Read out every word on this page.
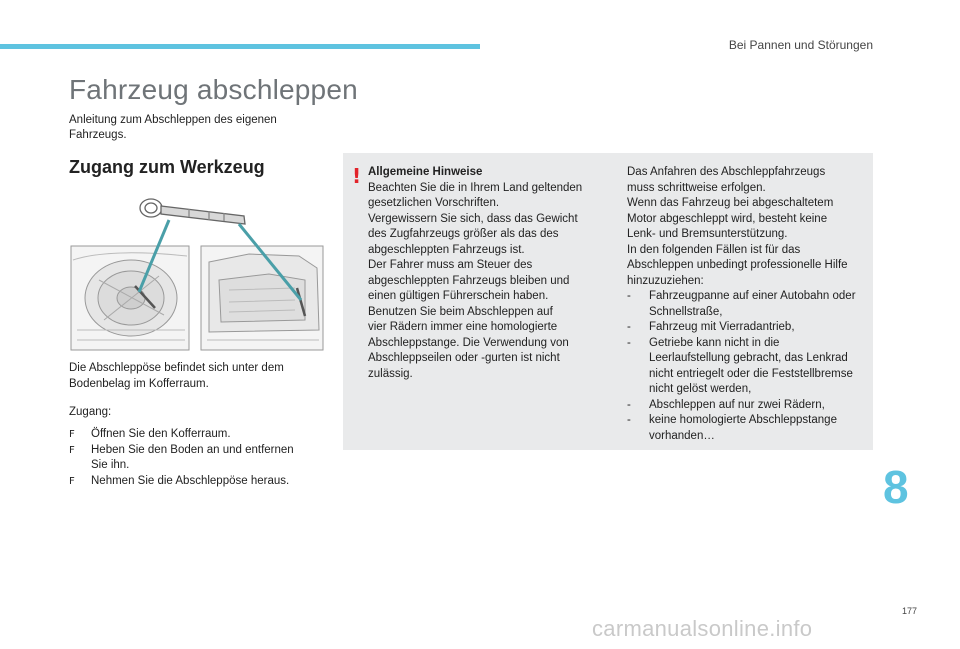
Bei Pannen und Störungen
Fahrzeug abschleppen
Anleitung zum Abschleppen des eigenen
Fahrzeugs.
Zugang zum Werkzeug
Die Abschleppöse befindet sich unter dem
Bodenbelag im Kofferraum.
Zugang:
F Öffnen Sie den Kofferraum.
F Heben Sie den Boden an und entfernen
Sie ihn.
F Nehmen Sie die Abschleppöse heraus.
! Allgemeine Hinweise
Beachten Sie die in Ihrem Land geltenden
gesetzlichen Vorschriften.
Vergewissern Sie sich, dass das Gewicht
des Zugfahrzeugs größer als das des
abgeschleppten Fahrzeugs ist.
Der Fahrer muss am Steuer des
abgeschleppten Fahrzeugs bleiben und
einen gültigen Führerschein haben.
Benutzen Sie beim Abschleppen auf
vier Rädern immer eine homologierte
Abschleppstange. Die Verwendung von
Abschleppseilen oder -gurten ist nicht
zulässig.
Das Anfahren des Abschleppfahrzeugs
muss schrittweise erfolgen.
Wenn das Fahrzeug bei abgeschaltetem
Motor abgeschleppt wird, besteht keine
Lenk- und Bremsunterstützung.
In den folgenden Fällen ist für das
Abschleppen unbedingt professionelle Hilfe
hinzuzuziehen:
- Fahrzeugpanne auf einer Autobahn oder
Schnellstraße,
- Fahrzeug mit Vierradantrieb,
- Getriebe kann nicht in die
Leerlaufstellung gebracht, das Lenkrad
nicht entriegelt oder die Feststellbremse
nicht gelöst werden,
- Abschleppen auf nur zwei Rädern,
- keine homologierte Abschleppstange
vorhanden…
8
177
carmanualsonline.info
